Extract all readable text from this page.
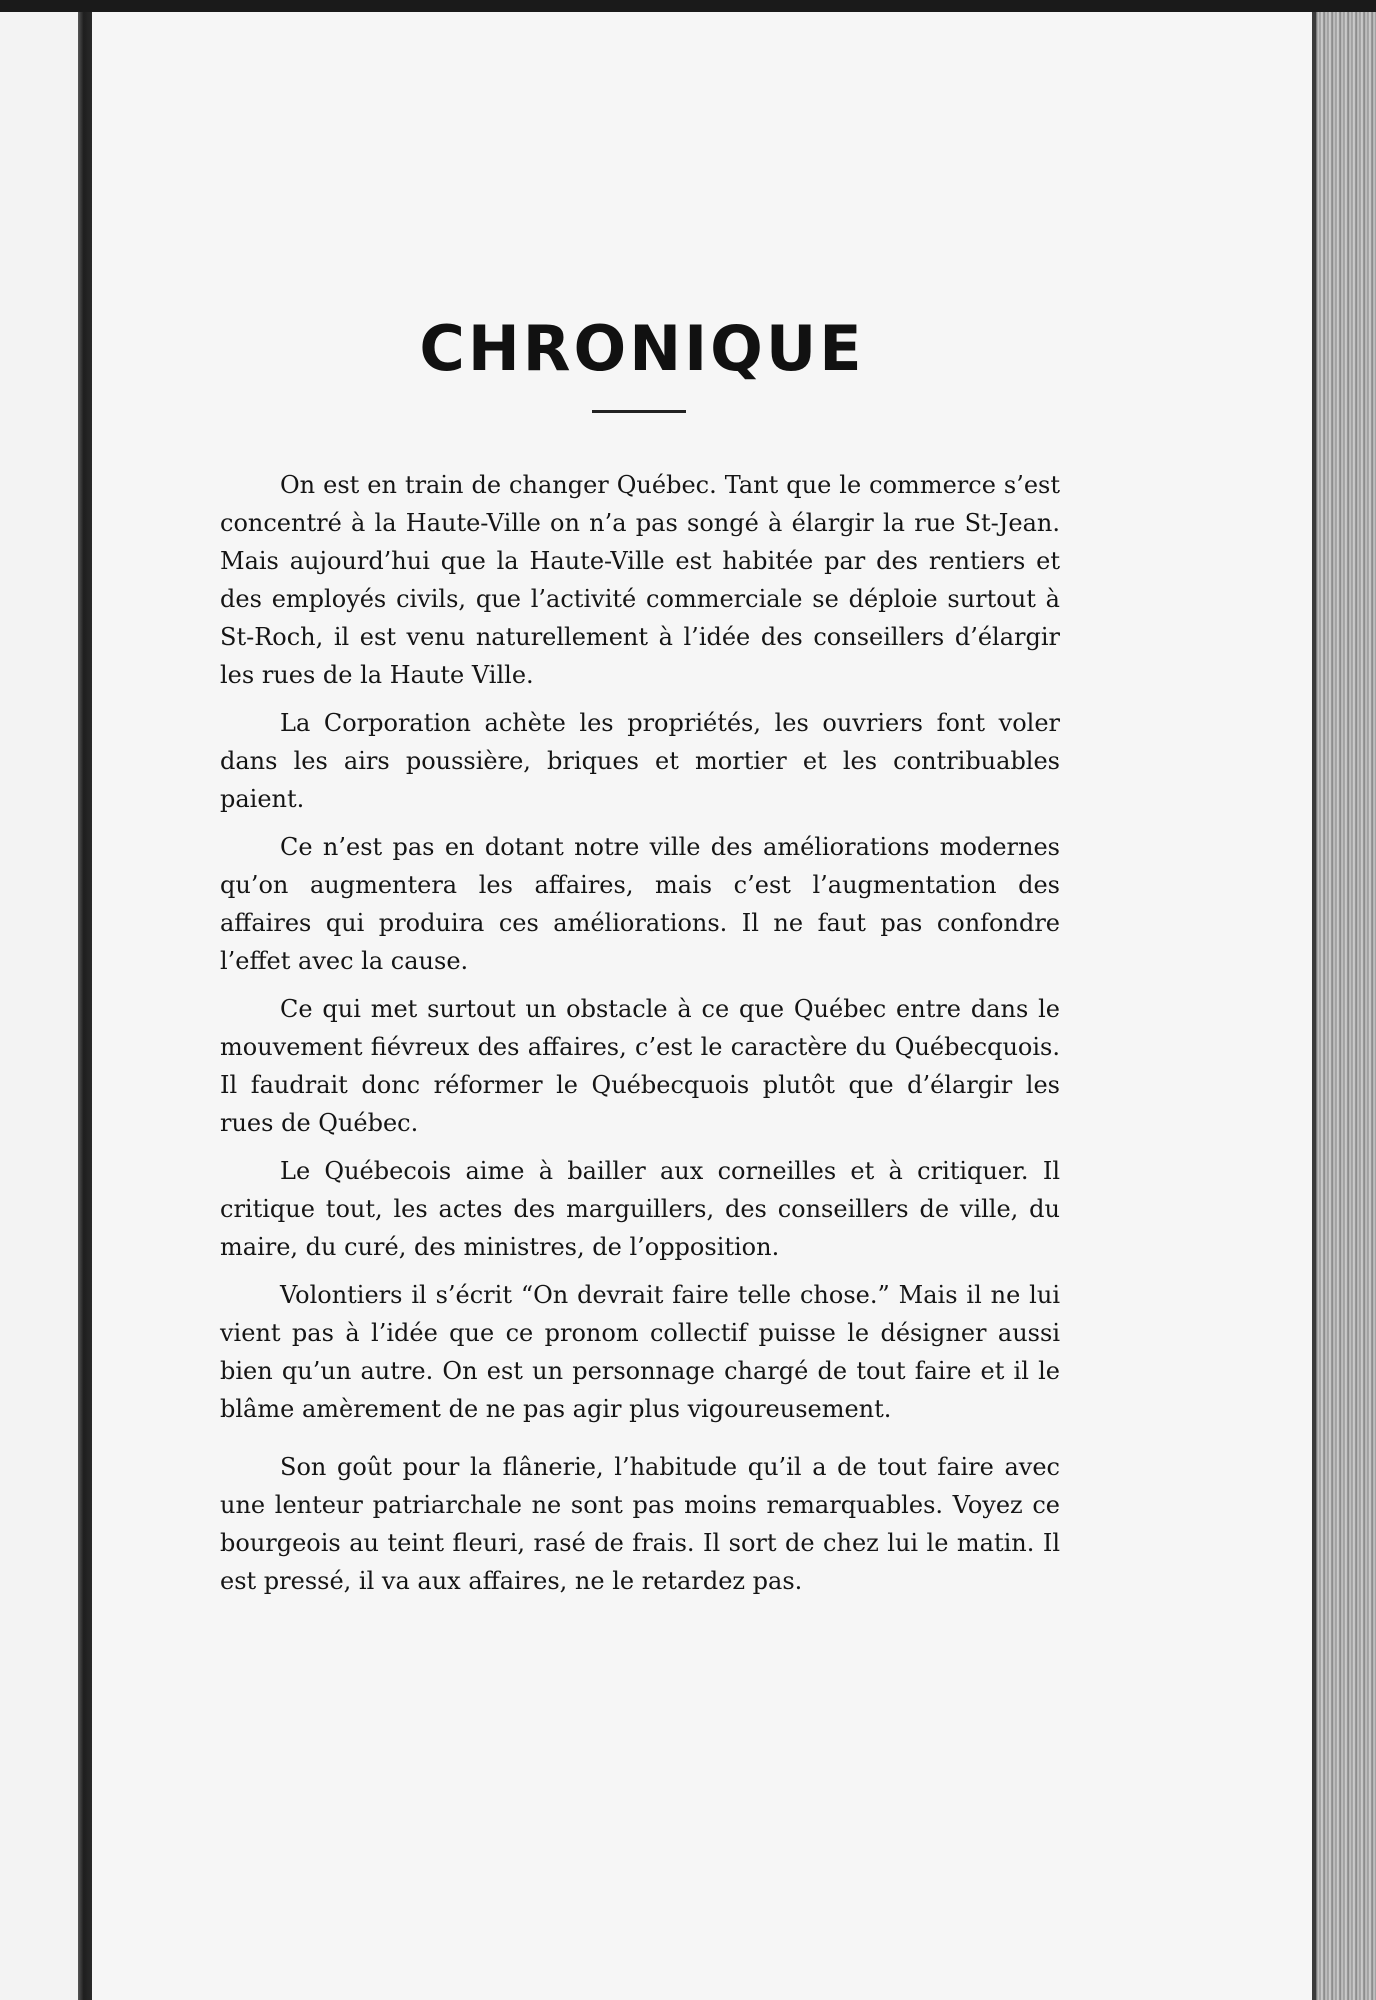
CHRONIQUE

On est en train de changer Québec. Tant que le commerce s’est concentré à la Haute-Ville on n’a pas songé à élargir la rue St-Jean. Mais aujourd’hui que la Haute-Ville est habitée par des rentiers et des employés civils, que l’activité commerciale se déploie surtout à St-Roch, il est venu naturellement à l’idée des conseillers d’élargir les rues de la Haute Ville.

La Corporation achète les propriétés, les ouvriers font voler dans les airs poussière, briques et mortier et les contribuables paient.

Ce n’est pas en dotant notre ville des améliorations modernes qu’on augmentera les affaires, mais c’est l’augmentation des affaires qui produira ces améliorations. Il ne faut pas confondre l’effet avec la cause.

Ce qui met surtout un obstacle à ce que Québec entre dans le mouvement fiévreux des affaires, c’est le caractère du Québecquois. Il faudrait donc réformer le Québecquois plutôt que d’élargir les rues de Québec.

Le Québecois aime à bailler aux corneilles et à critiquer. Il critique tout, les actes des marguillers, des conseillers de ville, du maire, du curé, des ministres, de l’opposition.

Volontiers il s’écrit “On devrait faire telle chose.” Mais il ne lui vient pas à l’idée que ce pronom collectif puisse le désigner aussi bien qu’un autre. On est un personnage chargé de tout faire et il le blâme amèrement de ne pas agir plus vigoureusement.

Son goût pour la flânerie, l’habitude qu’il a de tout faire avec une lenteur patriarchale ne sont pas moins remarquables. Voyez ce bourgeois au teint fleuri, rasé de frais. Il sort de chez lui le matin. Il est pressé, il va aux affaires, ne le retardez pas.
